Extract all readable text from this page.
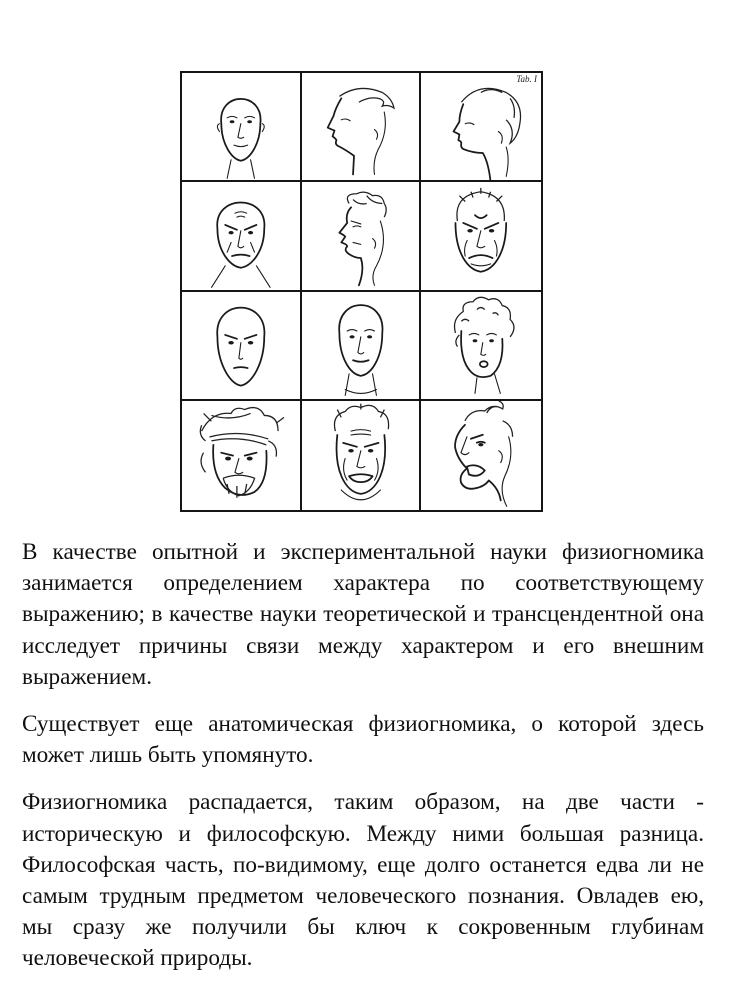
Tab. I

В качестве опытной и экспериментальной науки физиогномика занимается определением характера по соответствующему выражению; в качестве науки теоретической и трансцендентной она исследует причины связи между характером и его внешним выражением.

Существует еще анатомическая физиогномика, о которой здесь может лишь быть упомянуто.

Физиогномика распадается, таким образом, на две части - историческую и философскую. Между ними большая разница. Философская часть, по-видимому, еще долго останется едва ли не самым трудным предметом человеческого познания. Овладев ею, мы сразу же получили бы ключ к сокровенным глубинам человеческой природы.
